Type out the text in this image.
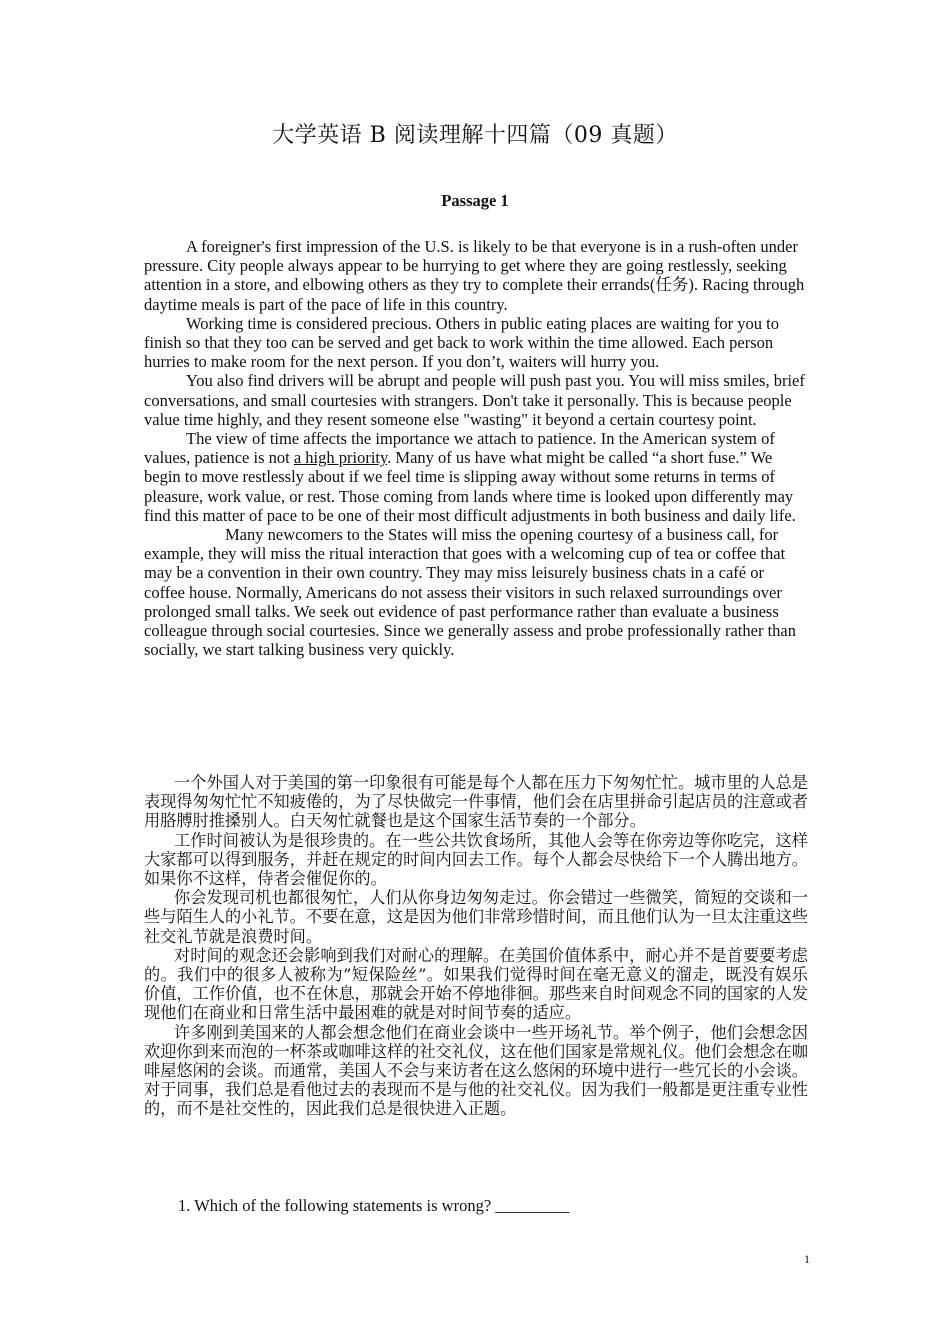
大学英语 B 阅读理解十四篇（09 真题）
Passage 1

A foreigner's first impression of the U.S. is likely to be that everyone is in a rush-often under pressure. City people always appear to be hurrying to get where they are going restlessly, seeking attention in a store, and elbowing others as they try to complete their errands(任务). Racing through daytime meals is part of the pace of life in this country.

Working time is considered precious. Others in public eating places are waiting for you to finish so that they too can be served and get back to work within the time allowed. Each person hurries to make room for the next person. If you don’t, waiters will hurry you.

You also find drivers will be abrupt and people will push past you. You will miss smiles, brief conversations, and small courtesies with strangers. Don't take it personally. This is because people value time highly, and they resent someone else "wasting" it beyond a certain courtesy point.

The view of time affects the importance we attach to patience. In the American system of values, patience is not a high priority. Many of us have what might be called “a short fuse.” We begin to move restlessly about if we feel time is slipping away without some returns in terms of pleasure, work value, or rest. Those coming from lands where time is looked upon differently may find this matter of pace to be one of their most difficult adjustments in both business and daily life.

Many newcomers to the States will miss the opening courtesy of a business call, for example, they will miss the ritual interaction that goes with a welcoming cup of tea or coffee that may be a convention in their own country. They may miss leisurely business chats in a café or coffee house. Normally, Americans do not assess their visitors in such relaxed surroundings over prolonged small talks. We seek out evidence of past performance rather than evaluate a business colleague through social courtesies. Since we generally assess and probe professionally rather than socially, we start talking business very quickly.

一个外国人对于美国的第一印象很有可能是每个人都在压力下匆匆忙忙。城市里的人总是表现得匆匆忙忙不知疲倦的，为了尽快做完一件事情，他们会在店里拼命引起店员的注意或者用胳膊肘推搡别人。白天匆忙就餐也是这个国家生活节奏的一个部分。

工作时间被认为是很珍贵的。在一些公共饮食场所，其他人会等在你旁边等你吃完，这样大家都可以得到服务，并赶在规定的时间内回去工作。每个人都会尽快给下一个人腾出地方。如果你不这样，侍者会催促你的。

你会发现司机也都很匆忙，人们从你身边匆匆走过。你会错过一些微笑，简短的交谈和一些与陌生人的小礼节。不要在意，这是因为他们非常珍惜时间，而且他们认为一旦太注重这些社交礼节就是浪费时间。

对时间的观念还会影响到我们对耐心的理解。在美国价值体系中，耐心并不是首要要考虑的。我们中的很多人被称为”短保险丝”。如果我们觉得时间在毫无意义的溜走，既没有娱乐价值，工作价值，也不在休息，那就会开始不停地徘徊。那些来自时间观念不同的国家的人发现他们在商业和日常生活中最困难的就是对时间节奏的适应。

许多刚到美国来的人都会想念他们在商业会谈中一些开场礼节。举个例子，他们会想念因欢迎你到来而泡的一杯茶或咖啡这样的社交礼仪，这在他们国家是常规礼仪。他们会想念在咖啡屋悠闲的会谈。而通常，美国人不会与来访者在这么悠闲的环境中进行一些冗长的小会谈。对于同事，我们总是看他过去的表现而不是与他的社交礼仪。因为我们一般都是更注重专业性的，而不是社交性的，因此我们总是很快进入正题。

1. Which of the following statements is wrong? _________
1
